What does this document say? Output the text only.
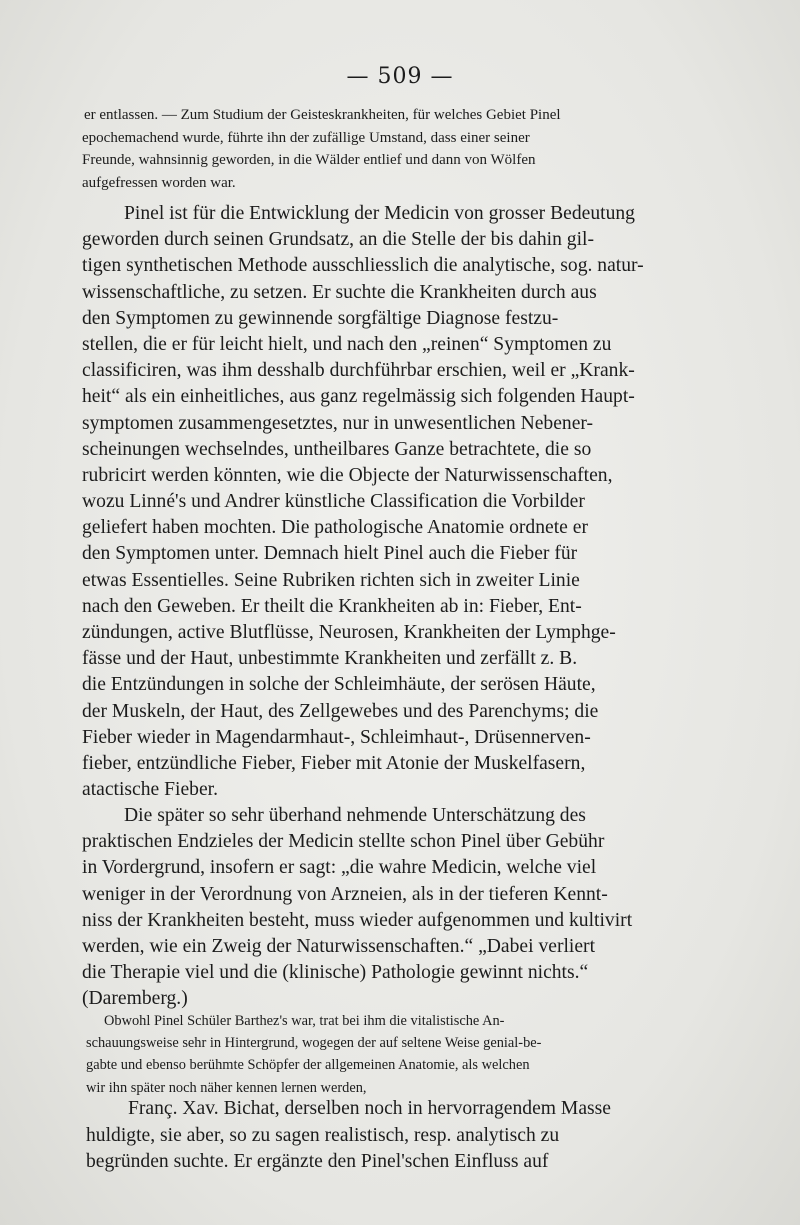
— 509 —
er entlassen. — Zum Studium der Geisteskrankheiten, für welches Gebiet Pinel
epochemachend wurde, führte ihn der zufällige Umstand, dass einer seiner
Freunde, wahnsinnig geworden, in die Wälder entlief und dann von Wölfen
aufgefressen worden war.
Pinel ist für die Entwicklung der Medicin von grosser Bedeutung
geworden durch seinen Grundsatz, an die Stelle der bis dahin gil-
tigen synthetischen Methode ausschliesslich die analytische, sog. natur-
wissenschaftliche, zu setzen. Er suchte die Krankheiten durch aus
den Symptomen zu gewinnende sorgfältige Diagnose festzu-
stellen, die er für leicht hielt, und nach den „reinen“ Symptomen zu
classificiren, was ihm desshalb durchführbar erschien, weil er „Krank-
heit“ als ein einheitliches, aus ganz regelmässig sich folgenden Haupt-
symptomen zusammengesetztes, nur in unwesentlichen Nebener-
scheinungen wechselndes, untheilbares Ganze betrachtete, die so
rubricirt werden könnten, wie die Objecte der Naturwissenschaften,
wozu Linné's und Andrer künstliche Classification die Vorbilder
geliefert haben mochten. Die pathologische Anatomie ordnete er
den Symptomen unter. Demnach hielt Pinel auch die Fieber für
etwas Essentielles. Seine Rubriken richten sich in zweiter Linie
nach den Geweben. Er theilt die Krankheiten ab in: Fieber, Ent-
zündungen, active Blutflüsse, Neurosen, Krankheiten der Lymphge-
fässe und der Haut, unbestimmte Krankheiten und zerfällt z. B.
die Entzündungen in solche der Schleimhäute, der serösen Häute,
der Muskeln, der Haut, des Zellgewebes und des Parenchyms; die
Fieber wieder in Magendarmhaut-, Schleimhaut-, Drüsennerven-
fieber, entzündliche Fieber, Fieber mit Atonie der Muskelfasern,
atactische Fieber.
Die später so sehr überhand nehmende Unterschätzung des
praktischen Endzieles der Medicin stellte schon Pinel über Gebühr
in Vordergrund, insofern er sagt: „die wahre Medicin, welche viel
weniger in der Verordnung von Arzneien, als in der tieferen Kennt-
niss der Krankheiten besteht, muss wieder aufgenommen und kultivirt
werden, wie ein Zweig der Naturwissenschaften.“ „Dabei verliert
die Therapie viel und die (klinische) Pathologie gewinnt nichts.“
(Daremberg.)
Obwohl Pinel Schüler Barthez's war, trat bei ihm die vitalistische An-
schauungsweise sehr in Hintergrund, wogegen der auf seltene Weise genial-be-
gabte und ebenso berühmte Schöpfer der allgemeinen Anatomie, als welchen
wir ihn später noch näher kennen lernen werden,
Franç. Xav. Bichat, derselben noch in hervorragendem Masse
huldigte, sie aber, so zu sagen realistisch, resp. analytisch zu
begründen suchte. Er ergänzte den Pinel'schen Einfluss auf
